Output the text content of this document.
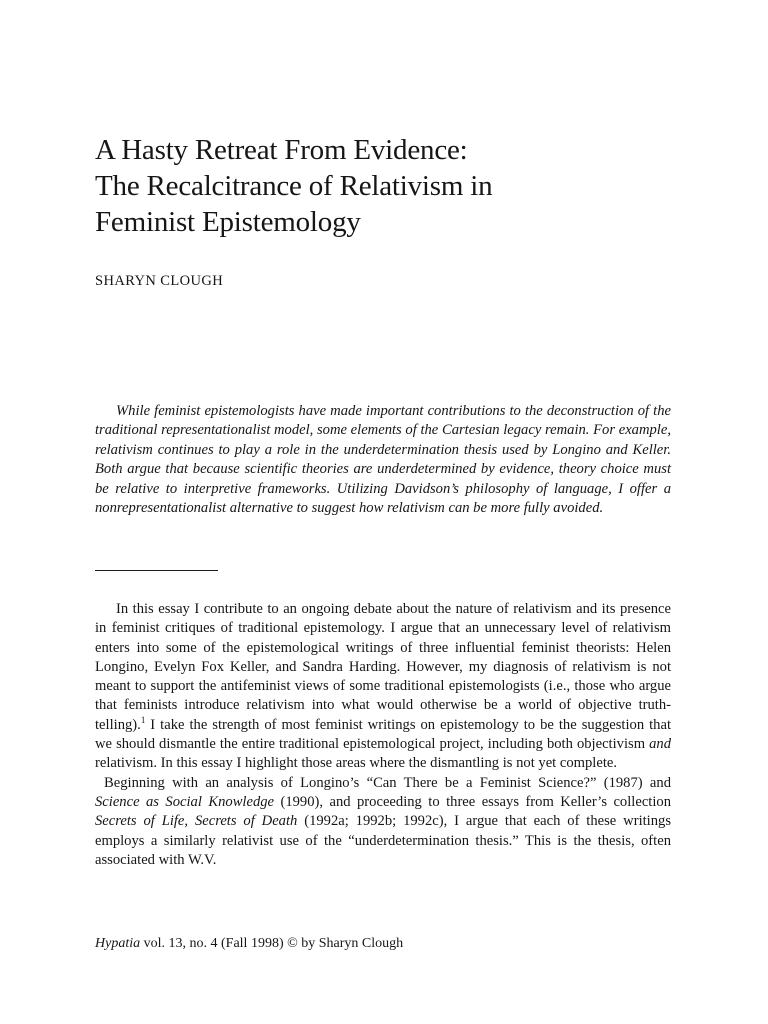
A Hasty Retreat From Evidence:
The Recalcitrance of Relativism in
Feminist Epistemology

SHARYN CLOUGH

While feminist epistemologists have made important contributions to the deconstruction of the traditional representationalist model, some elements of the Cartesian legacy remain. For example, relativism continues to play a role in the underdetermination thesis used by Longino and Keller. Both argue that because scientific theories are underdetermined by evidence, theory choice must be relative to interpretive frameworks. Utilizing Davidson’s philosophy of language, I offer a nonrepresentationalist alternative to suggest how relativism can be more fully avoided.

In this essay I contribute to an ongoing debate about the nature of relativism and its presence in feminist critiques of traditional epistemology. I argue that an unnecessary level of relativism enters into some of the epistemological writings of three influential feminist theorists: Helen Longino, Evelyn Fox Keller, and Sandra Harding. However, my diagnosis of relativism is not meant to support the antifeminist views of some traditional epistemologists (i.e., those who argue that feminists introduce relativism into what would otherwise be a world of objective truth-telling).$^1$ I take the strength of most feminist writings on epistemology to be the suggestion that we should dismantle the entire traditional epistemological project, including both objectivism and relativism. In this essay I highlight those areas where the dismantling is not yet complete.

Beginning with an analysis of Longino’s “Can There be a Feminist Science?” (1987) and Science as Social Knowledge (1990), and proceeding to three essays from Keller’s collection Secrets of Life, Secrets of Death (1992a; 1992b; 1992c), I argue that each of these writings employs a similarly relativist use of the “underdetermination thesis.” This is the thesis, often associated with W.V.

Hypatia vol. 13, no. 4 (Fall 1998) © by Sharyn Clough
